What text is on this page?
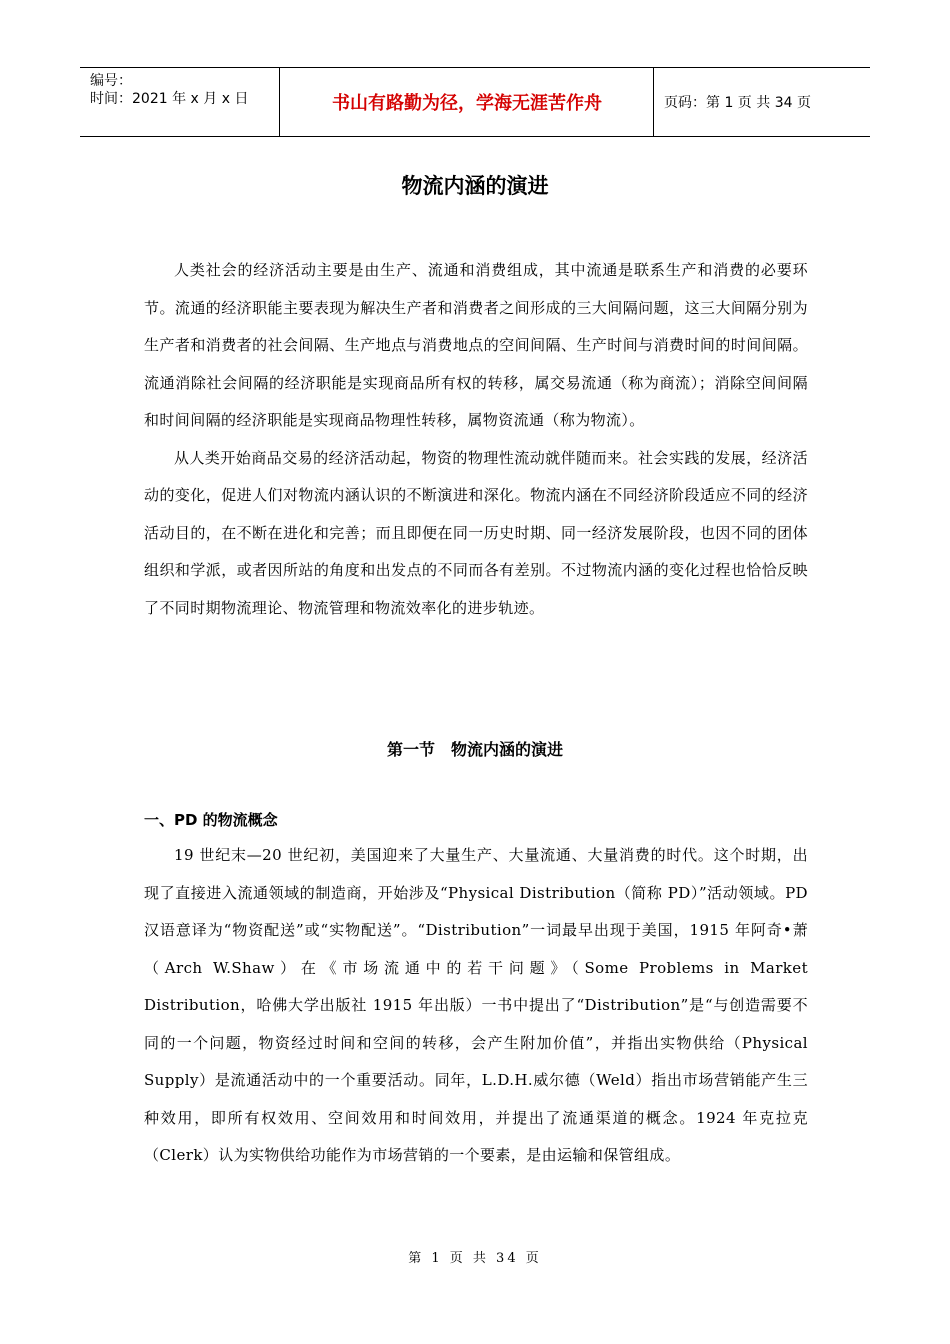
编号：
时间：2021 年 x 月 x 日	书山有路勤为径，学海无涯苦作舟	页码：第 1 页 共 34 页
物流内涵的演进

人类社会的经济活动主要是由生产、流通和消费组成，其中流通是联系生产和消费的必要环节。流通的经济职能主要表现为解决生产者和消费者之间形成的三大间隔问题，这三大间隔分别为生产者和消费者的社会间隔、生产地点与消费地点的空间间隔、生产时间与消费时间的时间间隔。流通消除社会间隔的经济职能是实现商品所有权的转移，属交易流通（称为商流）；消除空间间隔和时间间隔的经济职能是实现商品物理性转移，属物资流通（称为物流）。

从人类开始商品交易的经济活动起，物资的物理性流动就伴随而来。社会实践的发展，经济活动的变化，促进人们对物流内涵认识的不断演进和深化。物流内涵在不同经济阶段适应不同的经济活动目的，在不断在进化和完善；而且即便在同一历史时期、同一经济发展阶段，也因不同的团体组织和学派，或者因所站的角度和出发点的不同而各有差别。不过物流内涵的变化过程也恰恰反映了不同时期物流理论、物流管理和物流效率化的进步轨迹。

第一节　物流内涵的演进
一、PD 的物流概念

19 世纪末—20 世纪初，美国迎来了大量生产、大量流通、大量消费的时代。这个时期，出现了直接进入流通领域的制造商，开始涉及“Physical Distribution（简称 PD）”活动领域。PD 汉语意译为“物资配送”或“实物配送”。“Distribution”一词最早出现于美国，1915 年阿奇•萧（Arch W.Shaw）在《市场流通中的若干问题》（Some Problems in Market Distribution，哈佛大学出版社 1915 年出版）一书中提出了“Distribution”是“与创造需要不同的一个问题，物资经过时间和空间的转移，会产生附加价值”，并指出实物供给（Physical Supply）是流通活动中的一个重要活动。同年，L.D.H.威尔德（Weld）指出市场营销能产生三种效用，即所有权效用、空间效用和时间效用，并提出了流通渠道的概念。1924 年克拉克（Clerk）认为实物供给功能作为市场营销的一个要素，是由运输和保管组成。

第 1 页 共 34 页
